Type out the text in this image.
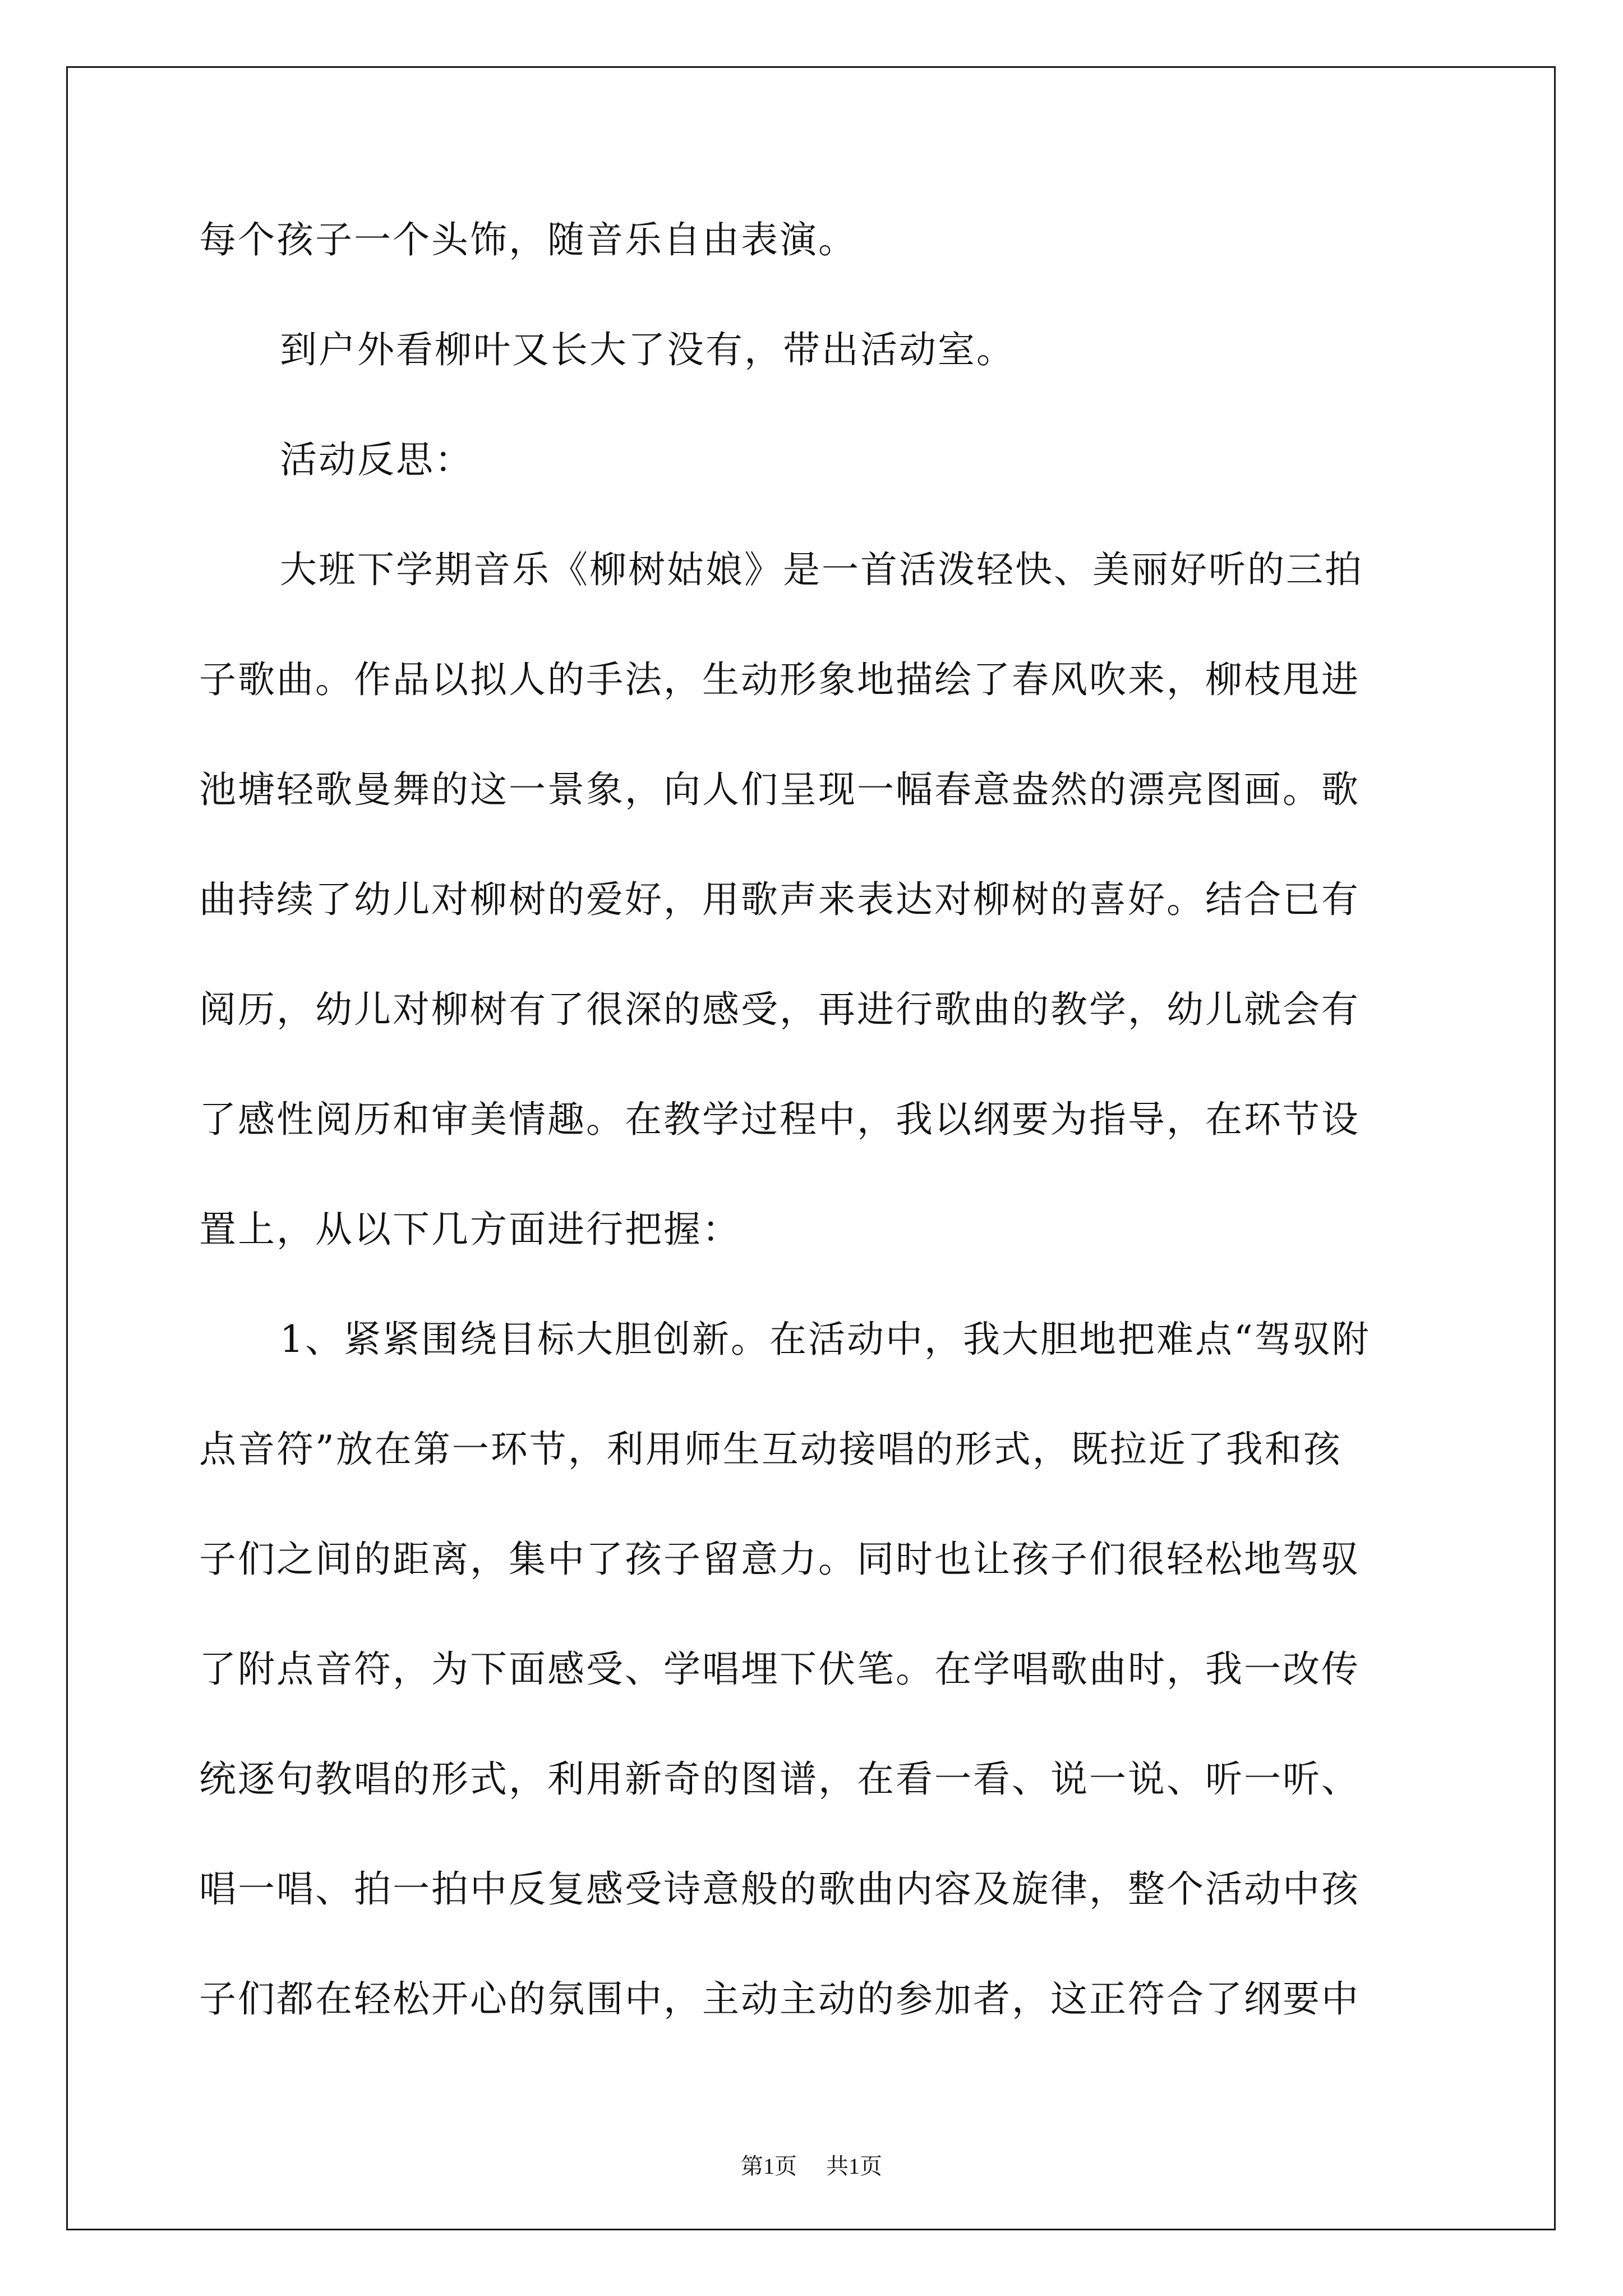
每个孩子一个头饰，随音乐自由表演。
到户外看柳叶又长大了没有，带出活动室。
活动反思：
大班下学期音乐《柳树姑娘》是一首活泼轻快、美丽好听的三拍
子歌曲。作品以拟人的手法，生动形象地描绘了春风吹来，柳枝甩进
池塘轻歌曼舞的这一景象，向人们呈现一幅春意盎然的漂亮图画。歌
曲持续了幼儿对柳树的爱好，用歌声来表达对柳树的喜好。结合已有
阅历，幼儿对柳树有了很深的感受，再进行歌曲的教学，幼儿就会有
了感性阅历和审美情趣。在教学过程中，我以纲要为指导，在环节设
置上，从以下几方面进行把握：
1、紧紧围绕目标大胆创新。在活动中，我大胆地把难点“驾驭附
点音符”放在第一环节，利用师生互动接唱的形式，既拉近了我和孩
子们之间的距离，集中了孩子留意力。同时也让孩子们很轻松地驾驭
了附点音符，为下面感受、学唱埋下伏笔。在学唱歌曲时，我一改传
统逐句教唱的形式，利用新奇的图谱，在看一看、说一说、听一听、
唱一唱、拍一拍中反复感受诗意般的歌曲内容及旋律，整个活动中孩
子们都在轻松开心的氛围中，主动主动的参加者，这正符合了纲要中
第1页 共1页
